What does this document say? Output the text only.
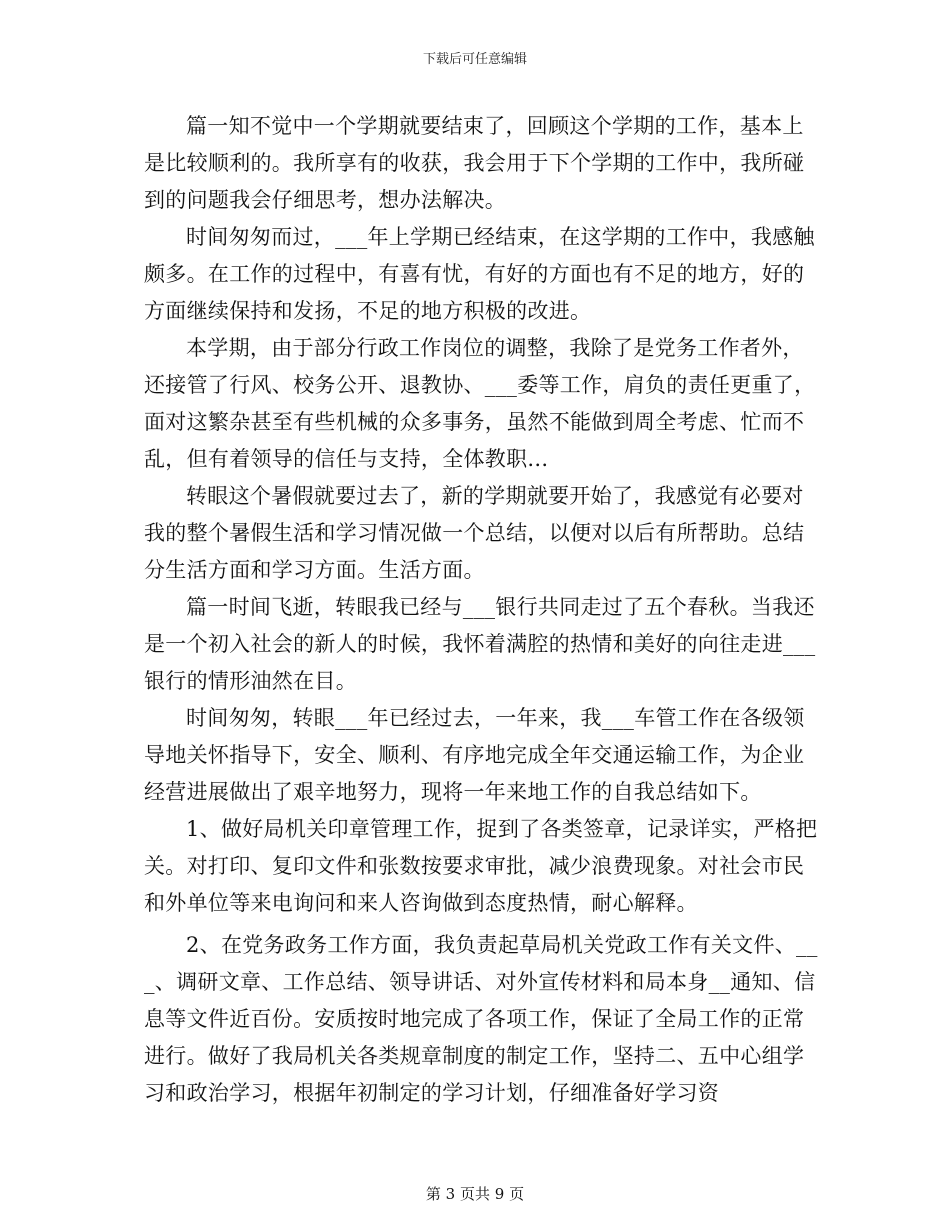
下载后可任意编辑

篇一知不觉中一个学期就要结束了，回顾这个学期的工作，基本上是比较顺利的。我所享有的收获，我会用于下个学期的工作中，我所碰到的问题我会仔细思考，想办法解决。

时间匆匆而过，___年上学期已经结束，在这学期的工作中，我感触颇多。在工作的过程中，有喜有忧，有好的方面也有不足的地方，好的方面继续保持和发扬，不足的地方积极的改进。

本学期，由于部分行政工作岗位的调整，我除了是党务工作者外，还接管了行风、校务公开、退教协、___委等工作，肩负的责任更重了，面对这繁杂甚至有些机械的众多事务，虽然不能做到周全考虑、忙而不乱，但有着领导的信任与支持，全体教职...

转眼这个暑假就要过去了，新的学期就要开始了，我感觉有必要对我的整个暑假生活和学习情况做一个总结，以便对以后有所帮助。总结分生活方面和学习方面。生活方面。

篇一时间飞逝，转眼我已经与___银行共同走过了五个春秋。当我还是一个初入社会的新人的时候，我怀着满腔的热情和美好的向往走进___银行的情形油然在目。

时间匆匆，转眼___年已经过去，一年来，我___车管工作在各级领导地关怀指导下，安全、顺利、有序地完成全年交通运输工作，为企业经营进展做出了艰辛地努力，现将一年来地工作的自我总结如下。

1、做好局机关印章管理工作，捉到了各类签章，记录详实，严格把关。对打印、复印文件和张数按要求审批，减少浪费现象。对社会市民和外单位等来电询问和来人咨询做到态度热情，耐心解释。

2、在党务政务工作方面，我负责起草局机关党政工作有关文件、___、调研文章、工作总结、领导讲话、对外宣传材料和局本身__通知、信息等文件近百份。安质按时地完成了各项工作，保证了全局工作的正常进行。做好了我局机关各类规章制度的制定工作，坚持二、五中心组学习和政治学习，根据年初制定的学习计划，仔细准备好学习资

第 3 页共 9 页
